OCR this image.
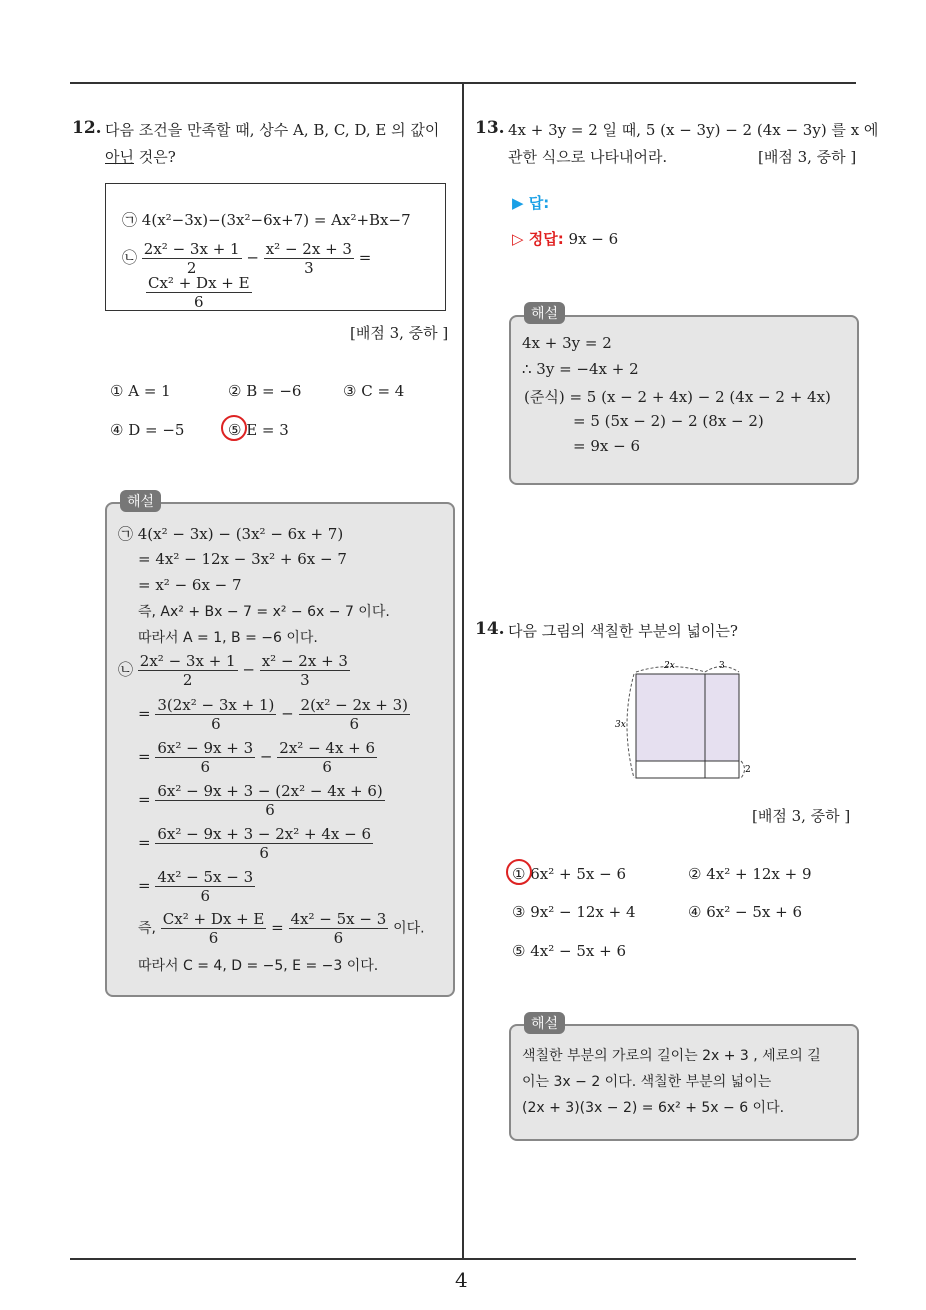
4
12. 다음 조건을 만족할 때, 상수 A, B, C, D, E 의 값이
아닌 것은?
㉠ 4(x²−3x)−(3x²−6x+7) = Ax²+Bx−7
㉡ $\frac{\text{2x² − 3x + 1}}{2} - \frac{\text{x² − 2x + 3}}{3}$ =
$\frac{\text{Cx² + Dx + E}}{6}$
[배점 3, 중하 ]
① A = 1	② B = −6	③ C = 4
④ D = −5	⑤ E = 3
해설
㉠ 4(x² − 3x) − (3x² − 6x + 7)
= 4x² − 12x − 3x² + 6x − 7
= x² − 6x − 7
즉, Ax² + Bx − 7 = x² − 6x − 7 이다.
따라서 A = 1, B = −6 이다.
㉡ $\frac{\text{2x² − 3x + 1}}{2} - \frac{\text{x² − 2x + 3}}{3}$
= $\frac{\text{3(2x² − 3x + 1)}}{6} - \frac{\text{2(x² − 2x + 3)}}{6}$
= $\frac{\text{6x² − 9x + 3}}{6} - \frac{\text{2x² − 4x + 6}}{6}$
= $\frac{\text{6x² − 9x + 3 − (2x² − 4x + 6)}}{6}$
= $\frac{\text{6x² − 9x + 3 − 2x² + 4x − 6}}{6}$
= $\frac{\text{4x² − 5x − 3}}{6}$
즉, $\frac{\text{Cx² + Dx + E}}{6} = \frac{\text{4x² − 5x − 3}}{6}$ 이다.
따라서 C = 4, D = −5, E = −3 이다.
13. 4x + 3y = 2 일 때, 5 (x − 3y) − 2 (4x − 3y) 를 x 에
관한 식으로 나타내어라.	[배점 3, 중하 ]
▶ 답:
▷ 정답: 9x − 6
해설
4x + 3y = 2
∴ 3y = −4x + 2
(준식) = 5 (x − 2 + 4x) − 2 (4x − 2 + 4x)
= 5 (5x − 2) − 2 (8x − 2)
= 9x − 6
14. 다음 그림의 색칠한 부분의 넓이는?
2x	3
3x
2
[배점 3, 중하 ]
① 6x² + 5x − 6	② 4x² + 12x + 9
③ 9x² − 12x + 4	④ 6x² − 5x + 6
⑤ 4x² − 5x + 6
해설
색칠한 부분의 가로의 길이는 2x + 3 , 세로의 길
이는 3x − 2 이다. 색칠한 부분의 넓이는
(2x + 3)(3x − 2) = 6x² + 5x − 6 이다.
